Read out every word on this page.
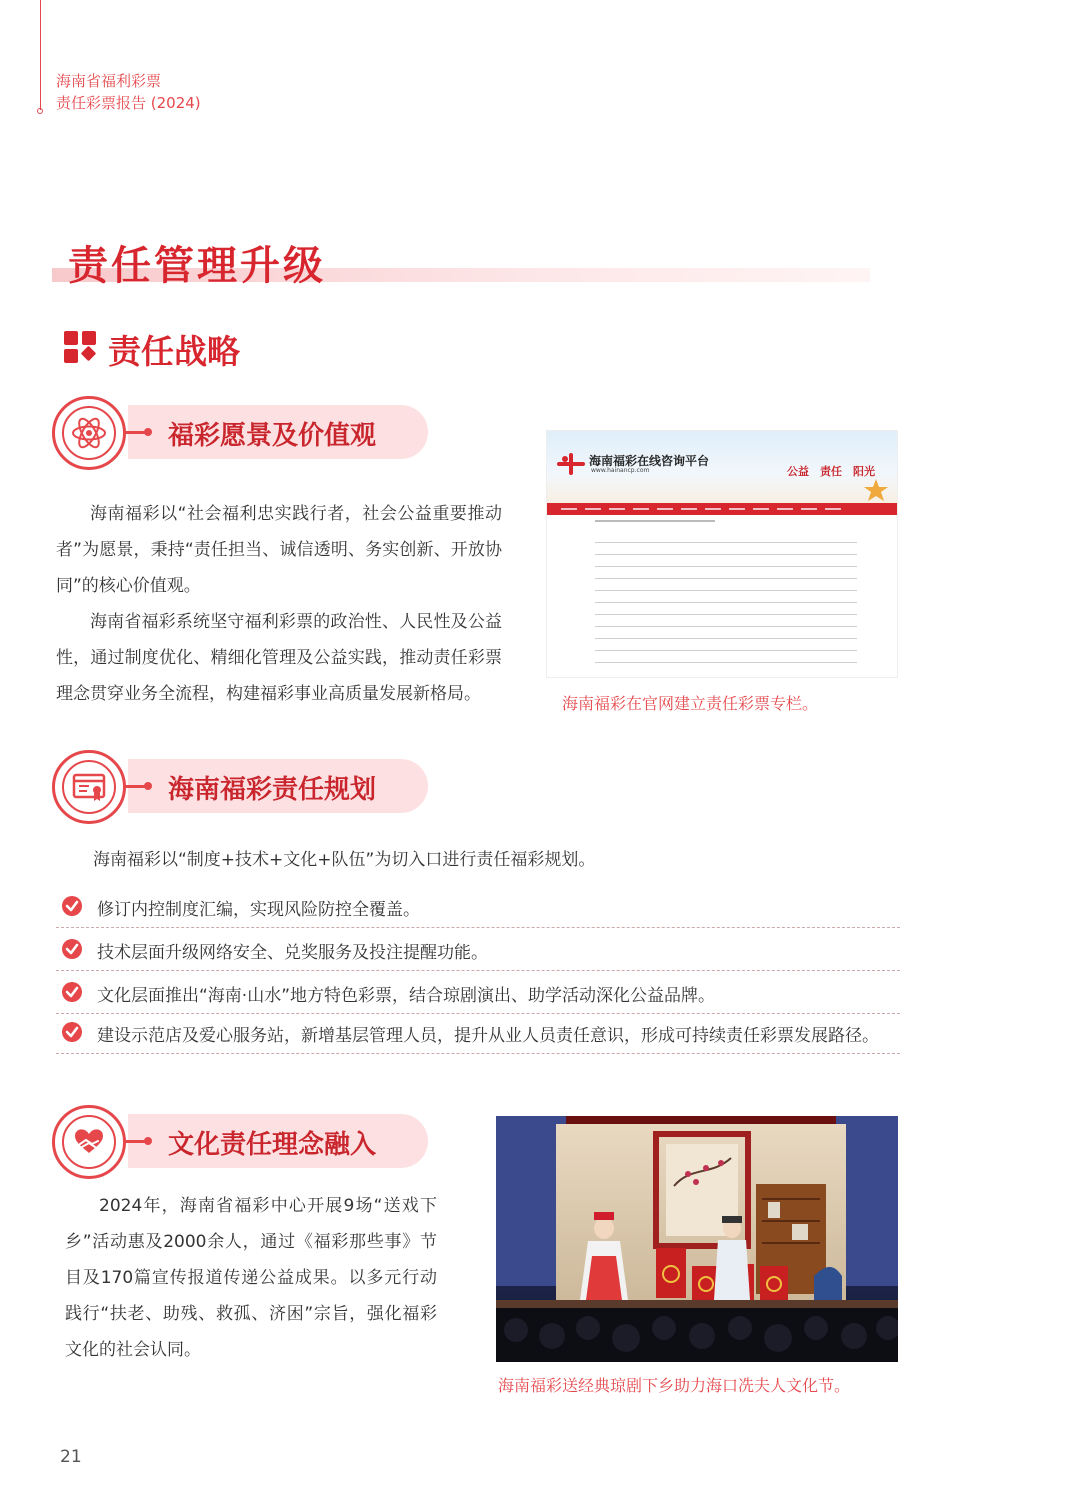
海南省福利彩票
责任彩票报告 (2024)
责任管理升级
责任战略
福彩愿景及价值观

海南福彩以“社会福利忠实践行者，社会公益重要推动者”为愿景，秉持“责任担当、诚信透明、务实创新、开放协同”的核心价值观。

海南省福彩系统坚守福利彩票的政治性、人民性及公益性，通过制度优化、精细化管理及公益实践，推动责任彩票理念贯穿业务全流程，构建福彩事业高质量发展新格局。

海南福彩在线咨询平台
www.hainancp.com	公益　责任　阳光
海南福彩在官网建立责任彩票专栏。
海南福彩责任规划
海南福彩以“制度+技术+文化+队伍”为切入口进行责任福彩规划。
修订内控制度汇编，实现风险防控全覆盖。
技术层面升级网络安全、兑奖服务及投注提醒功能。
文化层面推出“海南·山水”地方特色彩票，结合琼剧演出、助学活动深化公益品牌。
建设示范店及爱心服务站，新增基层管理人员，提升从业人员责任意识，形成可持续责任彩票发展路径。
文化责任理念融入

2024年，海南省福彩中心开展9场“送戏下乡”活动惠及2000余人，通过《福彩那些事》节目及170篇宣传报道传递公益成果。以多元行动践行“扶老、助残、救孤、济困”宗旨，强化福彩文化的社会认同。

海南福彩送经典琼剧下乡助力海口冼夫人文化节。
21
